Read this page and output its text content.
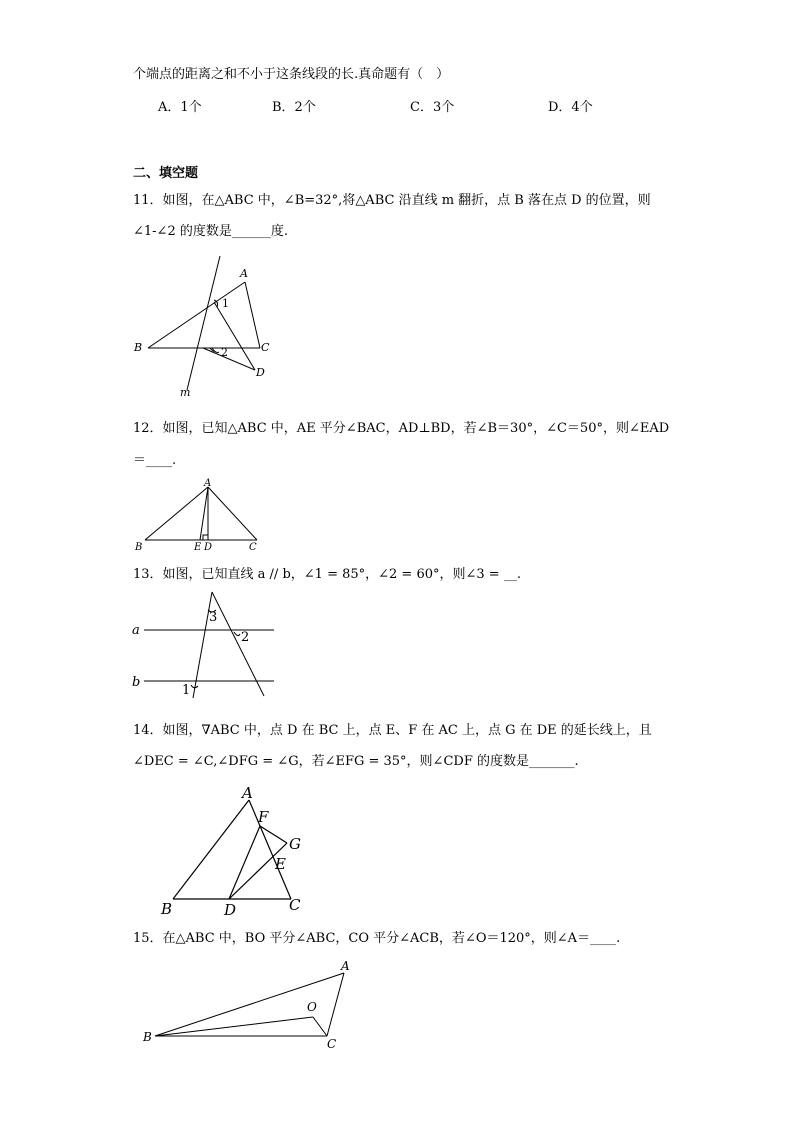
个端点的距离之和不小于这条线段的长.真命题有（　）
A．1个	B．2个	C．3个	D．4个
二、填空题
11．如图，在△ABC 中，∠B=32°,将△ABC 沿直线 m 翻折，点 B 落在点 D 的位置，则
∠1-∠2 的度数是______度.
A
B	C
D
m
1
2
12．如图，已知△ABC 中，AE 平分∠BAC，AD⊥BD，若∠B＝30°，∠C＝50°，则∠EAD
＝____.
A
B	E D	C
13．如图，已知直线 a // b，∠1 = 85°，∠2 = 60°，则∠3 = __.
a
b
3
2
1
14．如图，∇ABC 中，点 D 在 BC 上，点 E、F 在 AC 上，点 G 在 DE 的延长线上，且
∠DEC = ∠C,∠DFG = ∠G，若∠EFG = 35°，则∠CDF 的度数是_______.
A
B	D	C
F
G
E
15．在△ABC 中，BO 平分∠ABC，CO 平分∠ACB，若∠O＝120°，则∠A＝____.
A
B	C
O
